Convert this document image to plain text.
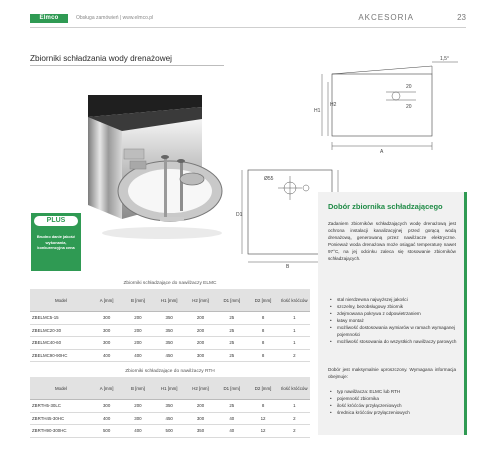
Elmco	Obsługa zamówień | www.elmco.pl	AKCESORIA	23
Zbiorniki schładzania wody drenażowej
PLUS
Brudno danie jakość wykonania, konkurencyjna cena
1,5°
20
20
H1
H2
A
B
D1
Ø55
Dobór zbiornika schładzającego
Zadaniem zbiorników schładzających wodę drenażową jest ochrona instalacji kanalizacyjnej przed gorącą wodą drenażową, generowaną przez nawilżacze elektryczne. Ponieważ woda drenażowa może osiągać temperaturę nawet 97°C, na jej odcinku zaleca się stosowanie zbiorników schładzających.
• stal nierdzewna najwyższej jakości
• szczelny, bezobsługowy zbiornik
• zdejmowana pokrywa z odpowietrzaniem
• łatwy montaż
• możliwość dostosowania wymiarów w ramach wymaganej pojemności
• możliwość stosowania do wszystkich nawilżaczy parowych
Dobór jest maksymalnie uproszczony. Wymagana informacja obejmuje:
• typ nawilżacza: ELMC lub RTH
• pojemność zbiornika
• ilość króćców przyłączeniowych
• średnica króćców przyłączeniowych
Zbiorniki schładzające do nawilżaczy ELMC
Model	A [mm]	B [mm]	H1 [mm]	H2 [mm]	D1 [mm]	D2 [mm]	Ilość króćców
ZBELMC5-15	300	200	350	200	25	8	1
ZBELMC20-30	300	200	350	200	25	8	1
ZBELMC40-60	300	200	350	200	25	8	1
ZBELMC90-90HC	400	400	450	300	25	8	2
Zbiorniki schładzające do nawilżaczy RTH
Model	A [mm]	B [mm]	H1 [mm]	H2 [mm]	D1 [mm]	D2 [mm]	Ilość króćców
ZBRTH5-30LC	300	200	350	200	25	8	1
ZBRTH45-30HC	400	300	450	300	40	12	2
ZBRTH90-300HC	500	400	500	350	40	12	2
